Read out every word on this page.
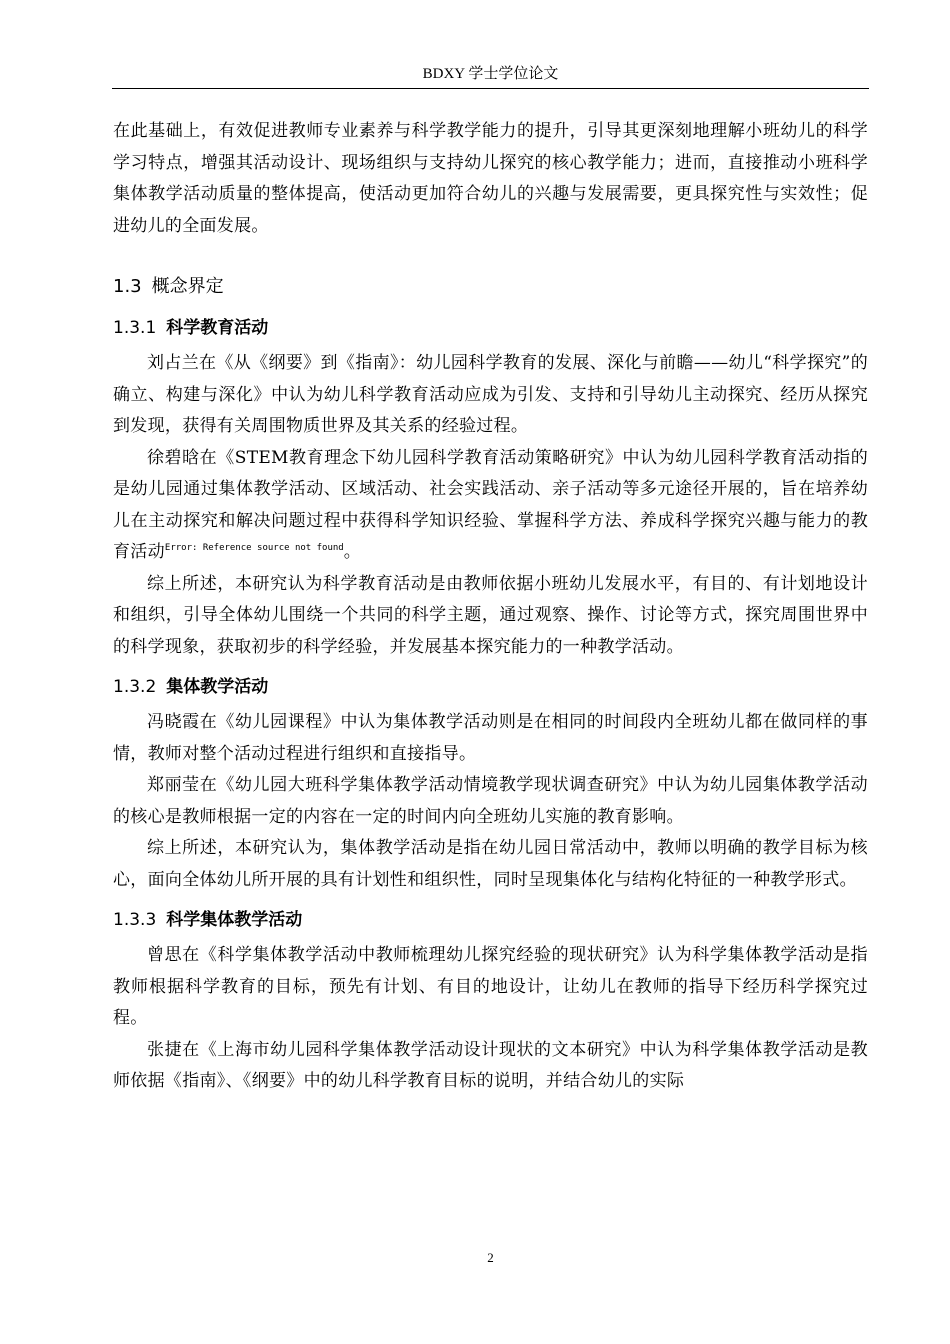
BDXY 学士学位论文

在此基础上，有效促进教师专业素养与科学教学能力的提升，引导其更深刻地理解小班幼儿的科学学习特点，增强其活动设计、现场组织与支持幼儿探究的核心教学能力；进而，直接推动小班科学集体教学活动质量的整体提高，使活动更加符合幼儿的兴趣与发展需要，更具探究性与实效性；促进幼儿的全面发展。

1.3 概念界定
1.3.1 科学教育活动

刘占兰在《从《纲要》到《指南》：幼儿园科学教育的发展、深化与前瞻——幼儿“科学探究”的确立、构建与深化》中认为幼儿科学教育活动应成为引发、支持和引导幼儿主动探究、经历从探究到发现，获得有关周围物质世界及其关系的经验过程。

徐碧晗在《STEM教育理念下幼儿园科学教育活动策略研究》中认为幼儿园科学教育活动指的是幼儿园通过集体教学活动、区域活动、社会实践活动、亲子活动等多元途径开展的，旨在培养幼儿在主动探究和解决问题过程中获得科学知识经验、掌握科学方法、养成科学探究兴趣与能力的教育活动$^{Error: Reference source not found}$。

综上所述，本研究认为科学教育活动是由教师依据小班幼儿发展水平，有目的、有计划地设计和组织，引导全体幼儿围绕一个共同的科学主题，通过观察、操作、讨论等方式，探究周围世界中的科学现象，获取初步的科学经验，并发展基本探究能力的一种教学活动。

1.3.2 集体教学活动

冯晓霞在《幼儿园课程》中认为集体教学活动则是在相同的时间段内全班幼儿都在做同样的事情，教师对整个活动过程进行组织和直接指导。

郑丽莹在《幼儿园大班科学集体教学活动情境教学现状调查研究》中认为幼儿园集体教学活动的核心是教师根据一定的内容在一定的时间内向全班幼儿实施的教育影响。

综上所述，本研究认为，集体教学活动是指在幼儿园日常活动中，教师以明确的教学目标为核心，面向全体幼儿所开展的具有计划性和组织性，同时呈现集体化与结构化特征的一种教学形式。

1.3.3 科学集体教学活动

曾思在《科学集体教学活动中教师梳理幼儿探究经验的现状研究》认为科学集体教学活动是指教师根据科学教育的目标，预先有计划、有目的地设计，让幼儿在教师的指导下经历科学探究过程。

张捷在《上海市幼儿园科学集体教学活动设计现状的文本研究》中认为科学集体教学活动是教师依据《指南》、《纲要》中的幼儿科学教育目标的说明，并结合幼儿的实际

2
